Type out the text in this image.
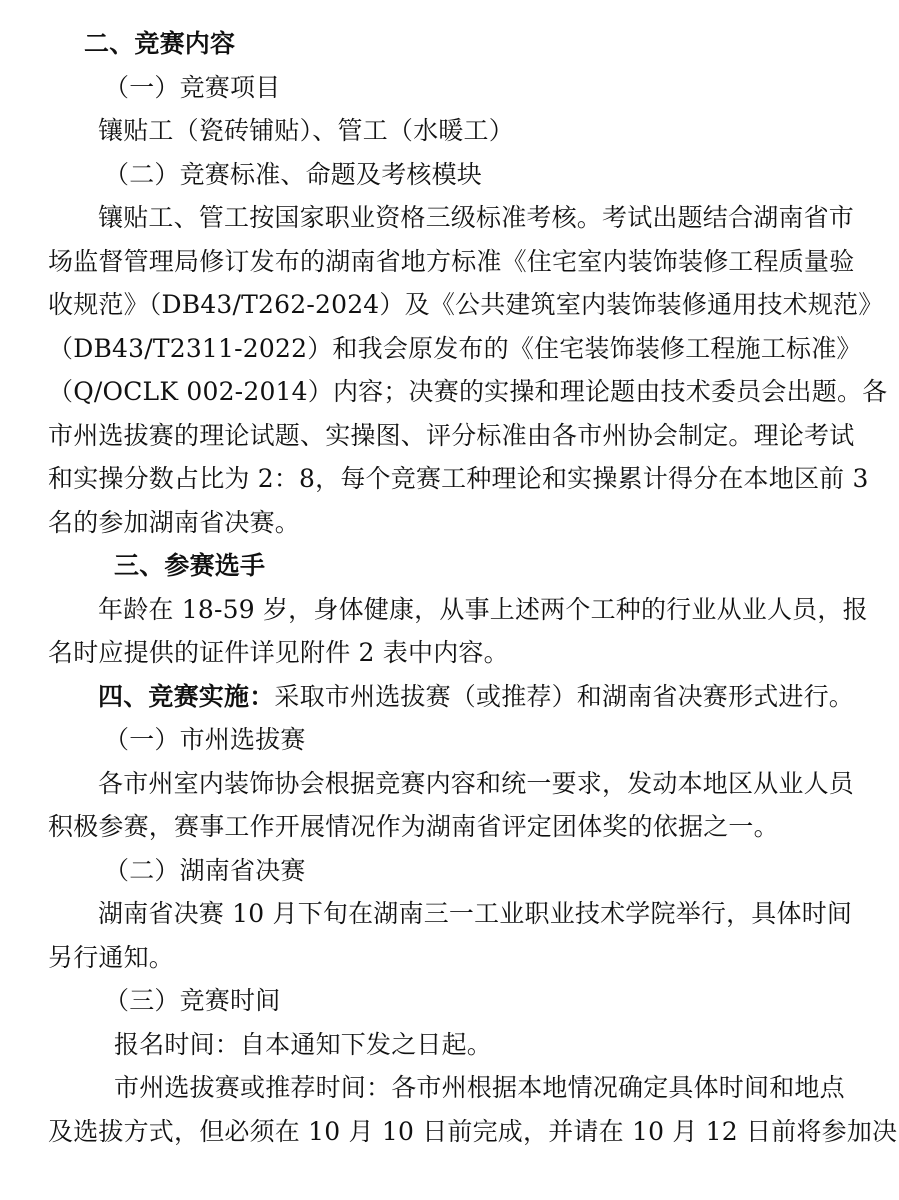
二、竞赛内容
（一）竞赛项目
镶贴工（瓷砖铺贴）、管工（水暖工）
（二）竞赛标准、命题及考核模块
镶贴工、管工按国家职业资格三级标准考核。考试出题结合湖南省市
场监督管理局修订发布的湖南省地方标准《住宅室内装饰装修工程质量验
收规范》（DB43/T262-2024）及《公共建筑室内装饰装修通用技术规范》
（DB43/T2311-2022）和我会原发布的《住宅装饰装修工程施工标准》
（Q/OCLK 002-2014）内容；决赛的实操和理论题由技术委员会出题。各
市州选拔赛的理论试题、实操图、评分标准由各市州协会制定。理论考试
和实操分数占比为 2：8，每个竞赛工种理论和实操累计得分在本地区前 3
名的参加湖南省决赛。
三、参赛选手
年龄在 18-59 岁，身体健康，从事上述两个工种的行业从业人员，报
名时应提供的证件详见附件 2 表中内容。
四、竞赛实施：采取市州选拔赛（或推荐）和湖南省决赛形式进行。
（一）市州选拔赛
各市州室内装饰协会根据竞赛内容和统一要求，发动本地区从业人员
积极参赛，赛事工作开展情况作为湖南省评定团体奖的依据之一。
（二）湖南省决赛
湖南省决赛 10 月下旬在湖南三一工业职业技术学院举行，具体时间
另行通知。
（三）竞赛时间
报名时间：自本通知下发之日起。
市州选拔赛或推荐时间：各市州根据本地情况确定具体时间和地点
及选拔方式，但必须在 10 月 10 日前完成，并请在 10 月 12 日前将参加决
